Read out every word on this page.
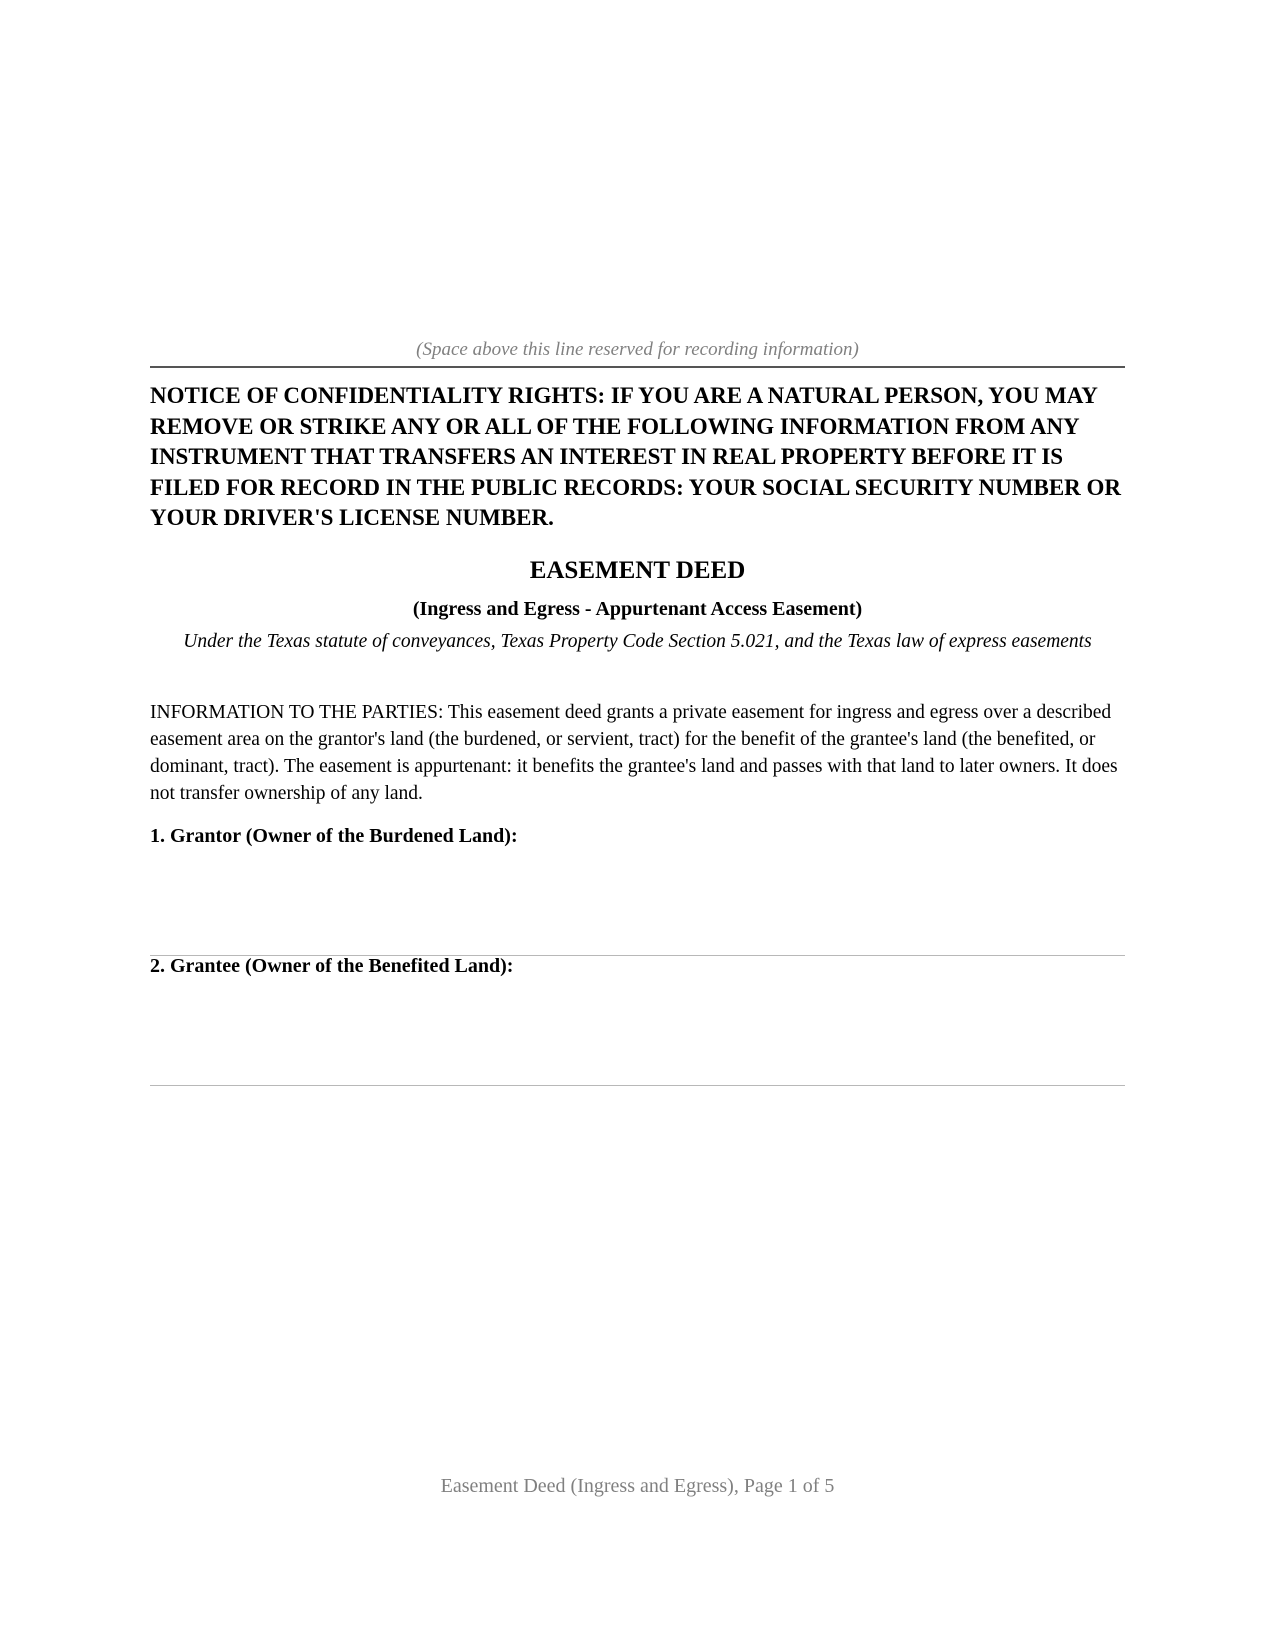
(Space above this line reserved for recording information)

NOTICE OF CONFIDENTIALITY RIGHTS: IF YOU ARE A NATURAL PERSON, YOU MAY REMOVE OR STRIKE ANY OR ALL OF THE FOLLOWING INFORMATION FROM ANY INSTRUMENT THAT TRANSFERS AN INTEREST IN REAL PROPERTY BEFORE IT IS FILED FOR RECORD IN THE PUBLIC RECORDS: YOUR SOCIAL SECURITY NUMBER OR YOUR DRIVER'S LICENSE NUMBER.

EASEMENT DEED
(Ingress and Egress - Appurtenant Access Easement)

Under the Texas statute of conveyances, Texas Property Code Section 5.021, and the Texas law of express easements

INFORMATION TO THE PARTIES: This easement deed grants a private easement for ingress and egress over a described easement area on the grantor's land (the burdened, or servient, tract) for the benefit of the grantee's land (the benefited, or dominant, tract). The easement is appurtenant: it benefits the grantee's land and passes with that land to later owners. It does not transfer ownership of any land.

1. Grantor (Owner of the Burdened Land):
2. Grantee (Owner of the Benefited Land):
Easement Deed (Ingress and Egress), Page 1 of 5
